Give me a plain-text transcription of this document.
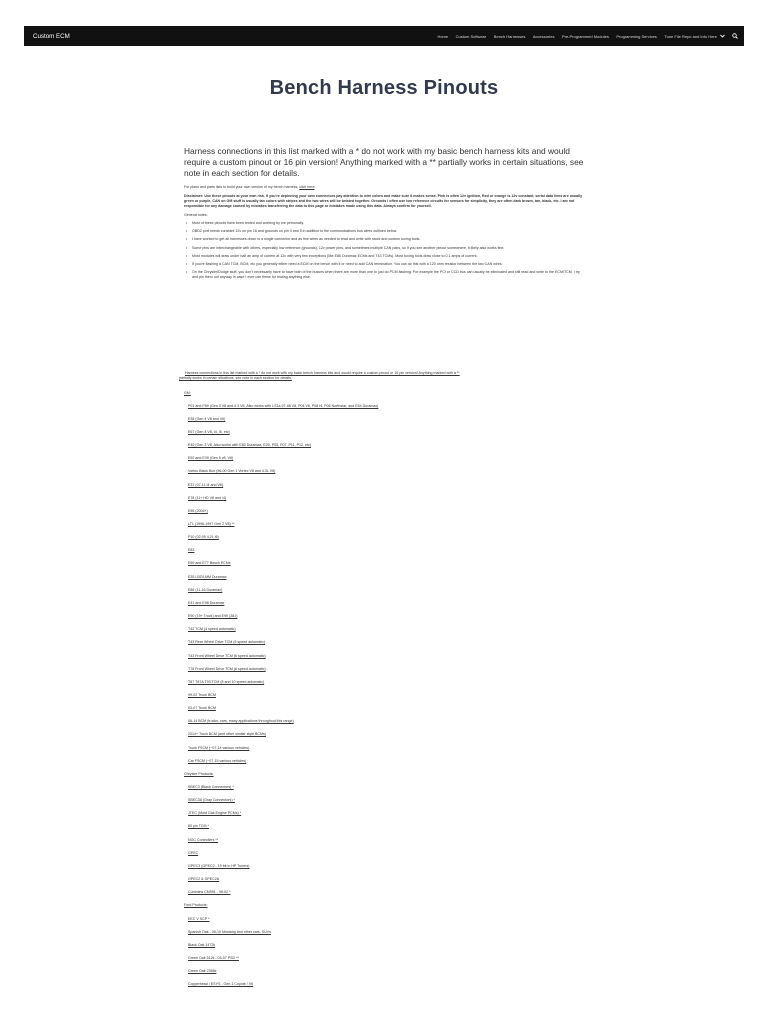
Custom ECM	Home Custom Software Bench Harnesses Accessories Pre-Programmed Modules Programming Services Tune File Repo and Info Here
Bench Harness Pinouts

Harness connections in this list marked with a * do not work with my basic bench harness kits and would require a custom pinout or 16 pin version! Anything marked with a ** partially works in certain situations, see note in each section for details.

For plans and parts lists to build your own version of my bench harness, click here.

Disclaimer: Use these pinouts at your own risk. If you're depinning your own connectors pay attention to wire colors and make sure it makes sense. Pink is often 12v ignition, Red or orange is 12v constant, serial data lines are usually green or purple, CAN on GM stuff is usually tan colors with stripes and the two wires will be twisted together. Grounds I often use low reference circuits for sensors for simplicity, they are often dark brown, tan, black, etc. I am not responsible for any damage caused by mistakes transferring the data to this page or mistakes made using this data. Always confirm for yourself.

General notes:

• Most of these pinouts have been tested and working by me personally.
• OBD2 port needs constant 12v on pin 16 and grounds on pin 4 and 5 in addition to the communications bus wires outlined below.
• I have worked to get all harnesses down to a single connector and as few wires as needed to read and write with stock and custom tuning tools.
• Some pins are interchangeable with others, especially low reference (grounds), 12v power pins, and sometimes multiple CAN pairs, so if you see another pinout somewhere, it likely also works fine.
• Most modules will draw under half an amp of current at 12v with very few exceptions (like E86 Duramax ECMs and T43 TCMs). Most tuning tools draw close to 0.1 amps of current.
• If you're flashing a CAN TCM, BCM, etc you generally either need a ECM on the bench with it or need to add CAN termination. You can do this with a 120 ohm resistor between the two CAN wires.
• On the Chrysler/Dodge stuff, you don't necessarily have to have both of the busses when there are more than one to just do PCM flashing. For example the PCI or CCD bus can usually be eliminated and still read and write to the ECM/TCM. I try and pin them out anyway in case I ever use these for testing anything else.

Harness connections in this list marked with a * do not work with my basic bench harness kits and would require a custom pinout or 16 pin version! Anything marked with a **
partially works in certain situations, see note in each section for details.

GM:
P01 and P59 (Gen 3 V8 and 4.3 V6, Also works with LS1a 97-98 V8, P04 V6, P08 I4, P06 Northstar, and E54 Duramax)
E38 (Gen 4 V8 and V6)
E67 (Gen 4 V8, I4, I5, etc)
E40 (Gen 3 V8, Also works with E60 Duramax, E20, P05, P07, P11, P12, etc)
E92 and E39 (Gen 5 v8, V6)
Vortec Black Box (96-00 Gen 1 Vortec V8 and 4.3L V6)
E37 (07-11 I4 and V6)
E78 (11+ HD V8 and I4)
E55 (2004+)
LT1 (1996-1997 Gen 2 V8) **
P10 (02-05 4.2L I6)
E83
E69 and E77 Bosch ECMs
E35 LBZ/LMM Duramax
E86 (11-16 Duramax)
E41 and E98 Duramax
E90 (19+ Truck) and E99 (281)
T42 TCM (4 speed automatic)
T43 Rear Wheel Drive TCM (6 speed automatic)
T43 Front Wheel Drive TCM (6 speed automatic)
T76 Front Wheel Drive TCM (6 speed automatic)
T87 T87A T93 TCM (8 and 10 speed automatic)
99-02 Truck BCM
03-07 Truck BCM
06-14 BCM (trucks, cars, many applications throughout this range)
2014+ Truck BCM (and other similar style BCMs)
Truck FSCM (~07-14 various vehicles)
Car FSCM (~07-15 various vehicles)
Chrysler Products:
SBEC3 (Black Connectors) *
SBEC3A (Gray Connectors) *
JTEC (Most Gas Engine PCMs) *
60 pin TCM *
NGC Controllers **
GPEC
GPEC3 (GPEC2 - 19 bit in HP Tuners)
GPEC2 & GPEC2A
Cummins CM551 - 98-02 *
Ford Products:
EEC V SCP *
Spanish Oak - 05-10 Mustang and other cars, SUVs
Black Oak 1472k
Green Oak 512k - 03-07 PSD **
Green Oak 2368k
Copperhead / ESYS - Gen 1 Coyote / V6
